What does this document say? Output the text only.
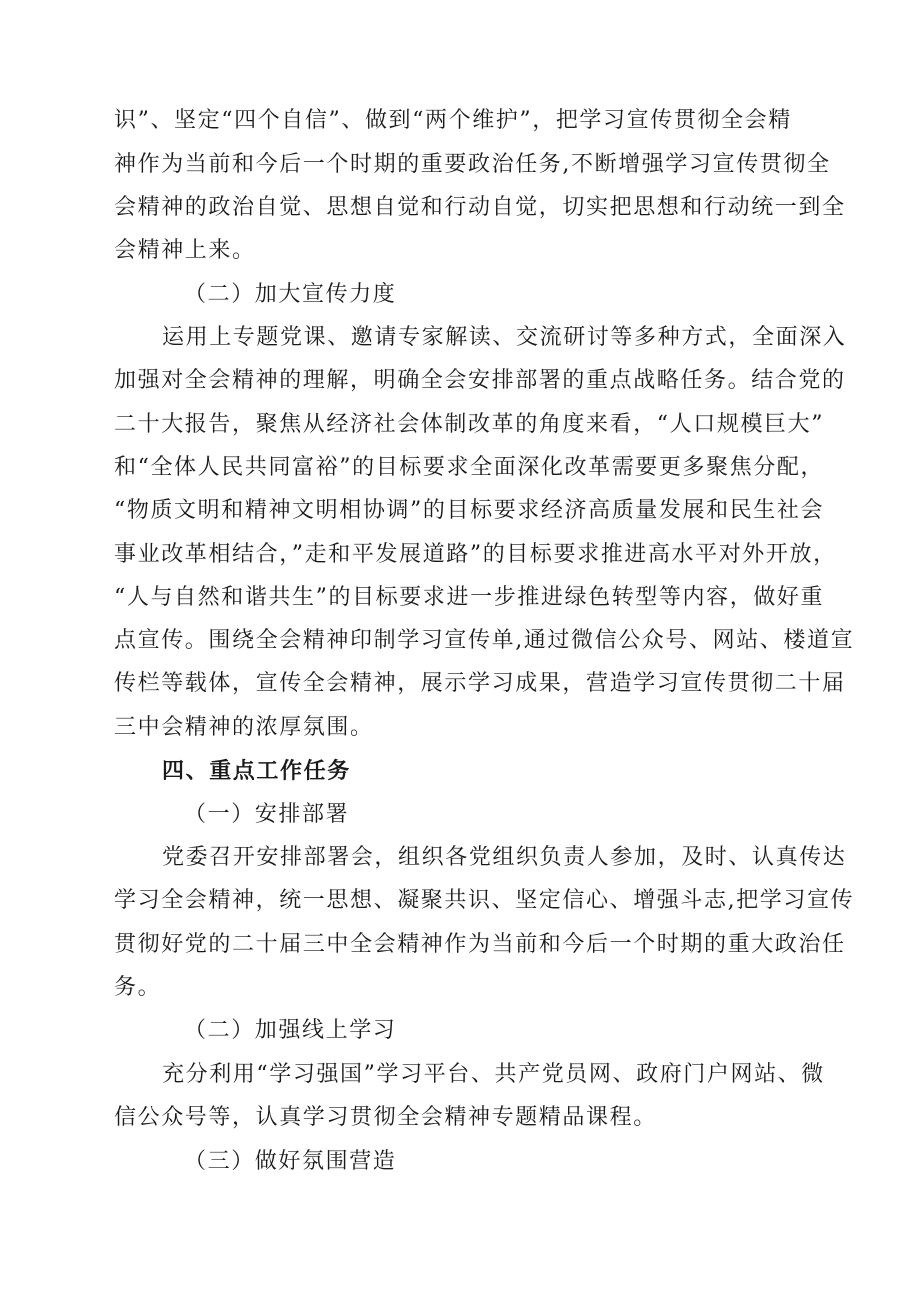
识”、坚定“四个自信”、做到“两个维护”，把学习宣传贯彻全会精

神作为当前和今后一个时期的重要政治任务,不断增强学习宣传贯彻全

会精神的政治自觉、思想自觉和行动自觉，切实把思想和行动统一到全

会精神上来。

（二）加大宣传力度

运用上专题党课、邀请专家解读、交流研讨等多种方式，全面深入

加强对全会精神的理解，明确全会安排部署的重点战略任务。结合党的

二十大报告，聚焦从经济社会体制改革的角度来看，“人口规模巨大”

和“全体人民共同富裕”的目标要求全面深化改革需要更多聚焦分配，

“物质文明和精神文明相协调”的目标要求经济高质量发展和民生社会

事业改革相结合，”走和平发展道路”的目标要求推进高水平对外开放，

“人与自然和谐共生”的目标要求进一步推进绿色转型等内容，做好重

点宣传。围绕全会精神印制学习宣传单,通过微信公众号、网站、楼道宣

传栏等载体，宣传全会精神，展示学习成果，营造学习宣传贯彻二十届

三中会精神的浓厚氛围。

四、重点工作任务

（一）安排部署

党委召开安排部署会，组织各党组织负责人参加，及时、认真传达

学习全会精神，统一思想、凝聚共识、坚定信心、增强斗志,把学习宣传

贯彻好党的二十届三中全会精神作为当前和今后一个时期的重大政治任

务。

（二）加强线上学习

充分利用“学习强国”学习平台、共产党员网、政府门户网站、微

信公众号等，认真学习贯彻全会精神专题精品课程。

（三）做好氛围营造
